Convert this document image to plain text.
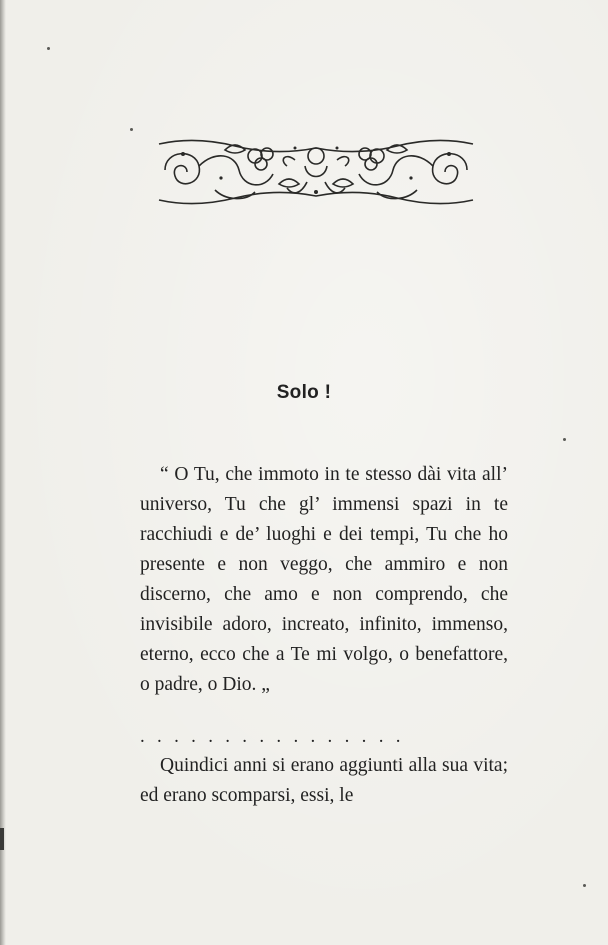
Solo !

“ O Tu, che immoto in te stesso dài vita all’ universo, Tu che gl’ immensi spazi in te racchiudi e de’ luoghi e dei tempi, Tu che ho presente e non veggo, che ammiro e non discerno, che amo e non comprendo, che invisibile adoro, increato, infinito, immenso, eterno, ecco che a Te mi volgo, o benefattore, o padre, o Dio. „

................

Quindici anni si erano aggiunti alla sua vita; ed erano scomparsi, essi, le
